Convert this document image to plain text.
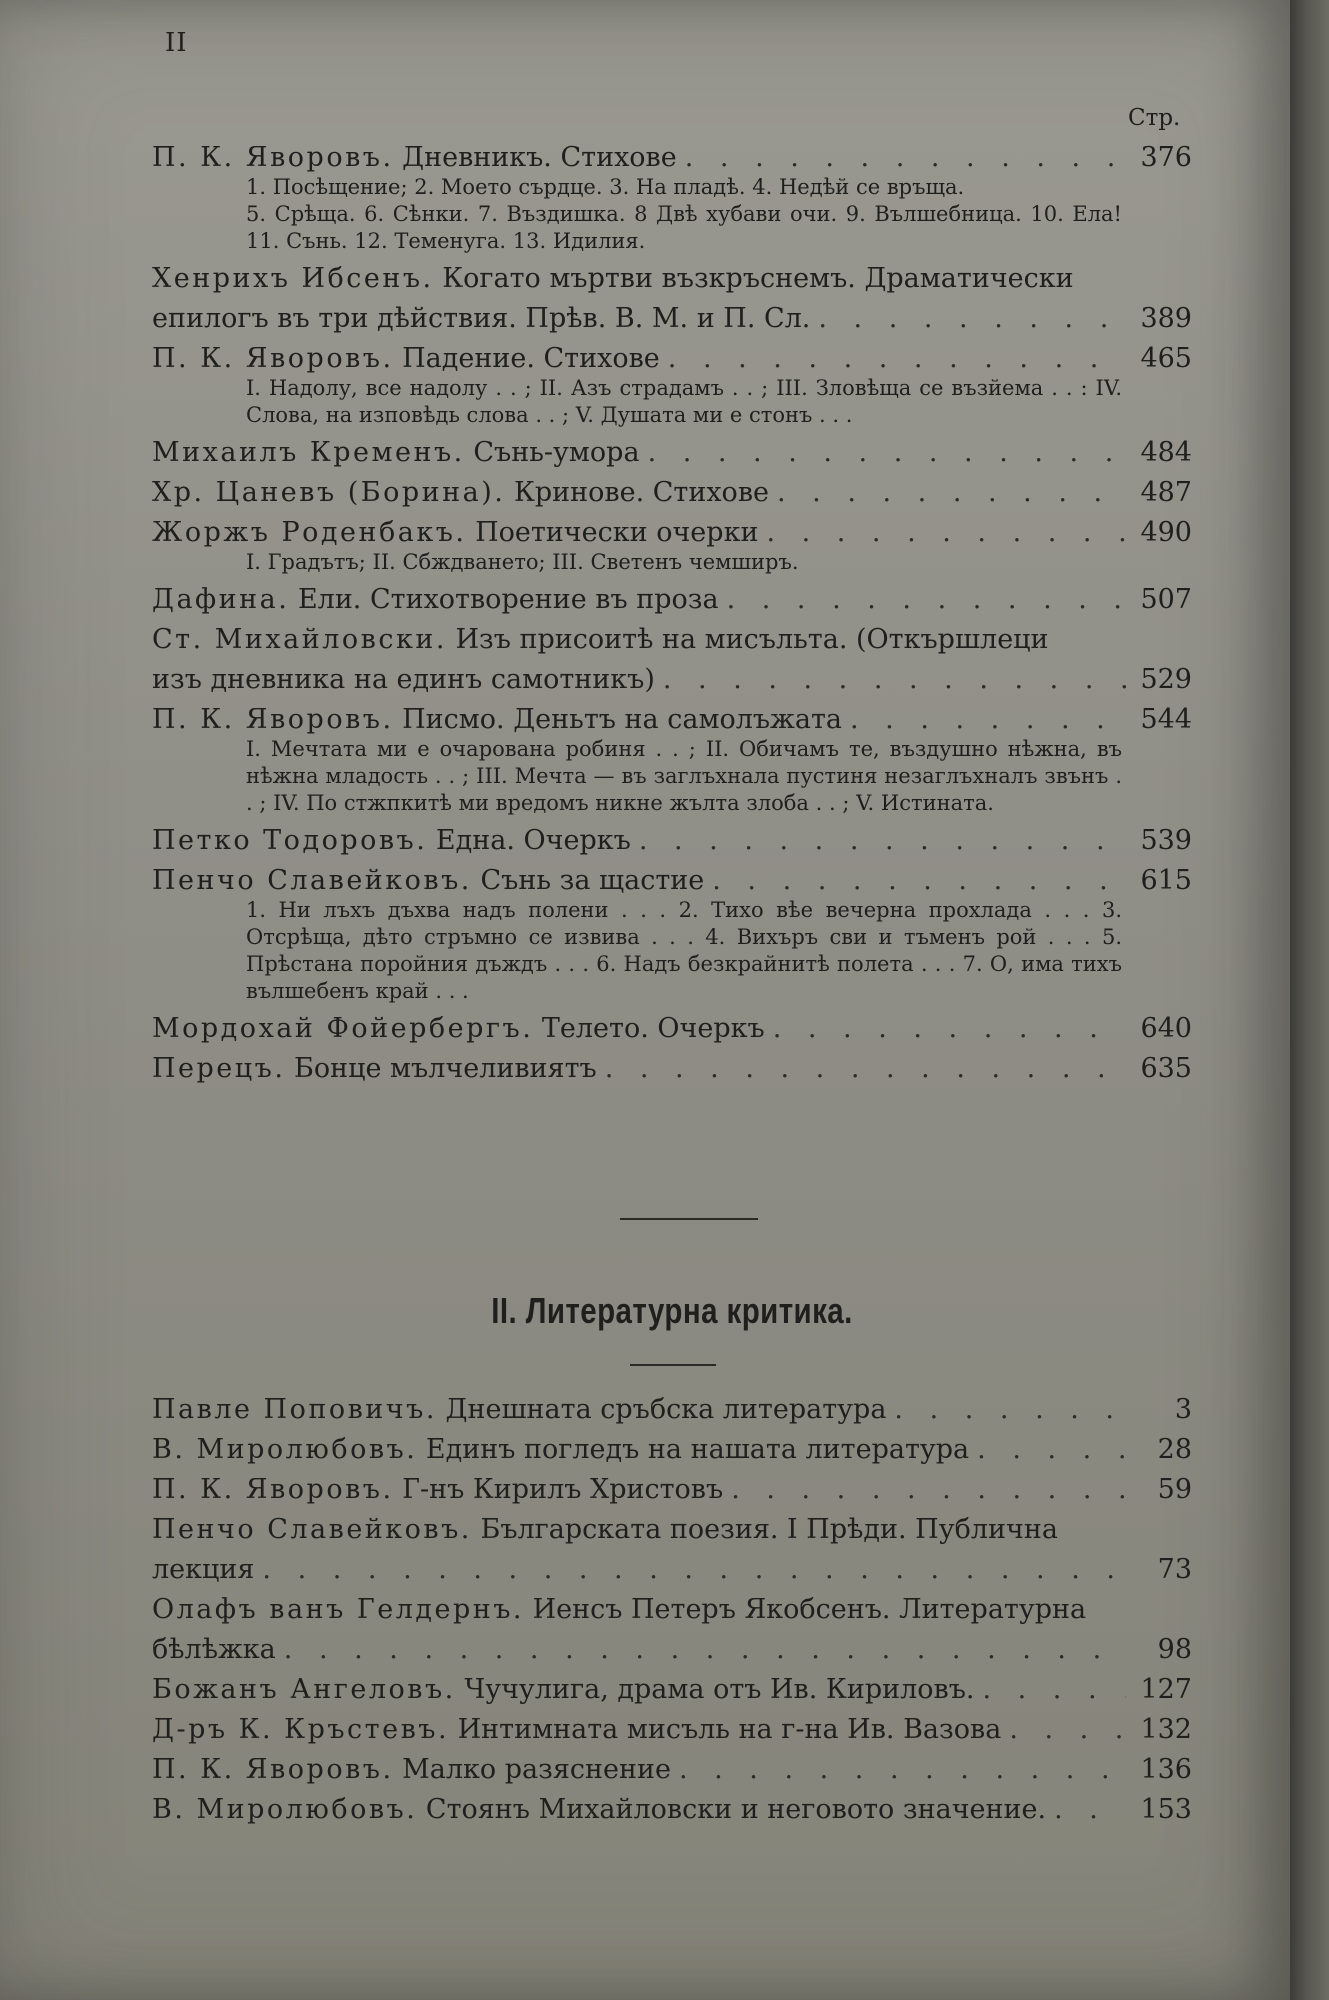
II
Стр.
П. К. Яворовъ. Дневникъ. Стихове . . .	376
1. Посѣщение; 2. Моето сърдце. 3. На пладѣ. 4. Недѣй се връща.
5. Срѣща. 6. Сѣнки. 7. Въздишка. 8 Двѣ хубави очи. 9. Вълшебница. 10. Ела! 11. Сънь. 12. Теменуга. 13. Идилия.
Хенрихъ Ибсенъ. Когато мъртви възкръснемъ. Драматически
епилогъ въ три дѣйствия. Прѣв. В. М. и П. Сл. . . .	389
П. К. Яворовъ. Падение. Стихове . . .	465
I. Надолу, все надолу . . ; II. Азъ страдамъ . . ; III. Зловѣща се възйема . . : IV. Слова, на изповѣдь слова . . ; V. Душата ми е стонъ . . .
Михаилъ Кременъ. Сънь-умора . . .	484
Хр. Цаневъ (Борина). Кринове. Стихове . . .	487
Жоржъ Роденбакъ. Поетически очерки . . .	490
I. Градътъ; II. Сбждването; III. Светенъ чемширъ.
Дафина. Ели. Стихотворение въ проза . . .	507
Ст. Михайловски. Изъ присоитѣ на мисъльта. (Откършлеци
изъ дневника на единъ самотникъ) . . .	529
П. К. Яворовъ. Писмо. Деньтъ на самолъжата . . .	544
I. Мечтата ми е очарована робиня . . ; II. Обичамъ те, въздушно нѣжна, въ нѣжна младость . . ; III. Мечта — въ заглъхнала пустиня незаглъхналъ звънъ . . ; IV. По стжпкитѣ ми вредомъ никне жълта злоба . . ; V. Истината.
Петко Тодоровъ. Една. Очеркъ . . .	539
Пенчо Славейковъ. Сънь за щастие . . .	615
1. Ни лъхъ дъхва надъ полени . . . 2. Тихо вѣе вечерна прохлада . . . 3. Отсрѣща, дѣто стръмно се извива . . . 4. Вихъръ сви и тъменъ рой . . . 5. Прѣстана поройния дъждъ . . . 6. Надъ безкрайнитѣ полета . . . 7. О, има тихъ вълшебенъ край . . .
Мордохай Фойербергъ. Телето. Очеркъ . . .	640
Перецъ. Бонце мълчеливиятъ . . .	635
II. Литературна критика.
Павле Поповичъ. Днешната сръбска литература . . .	3
В. Миролюбовъ. Единъ погледъ на нашата литература . . .	28
П. К. Яворовъ. Г-нъ Кирилъ Христовъ . . .	59
Пенчо Славейковъ. Българската поезия. I Прѣди. Публична
лекция . . .	73
Олафъ ванъ Гелдернъ. Иенсъ Петеръ Якобсенъ. Литературна
бѣлѣжка . . .	98
Божанъ Ангеловъ. Чучулига, драма отъ Ив. Кириловъ. . . .	127
Д-ръ К. Кръстевъ. Интимната мисъль на г-на Ив. Вазова . . .	132
П. К. Яворовъ. Малко разяснение . . .	136
В. Миролюбовъ. Стоянъ Михайловски и неговото значение. . . .	153
